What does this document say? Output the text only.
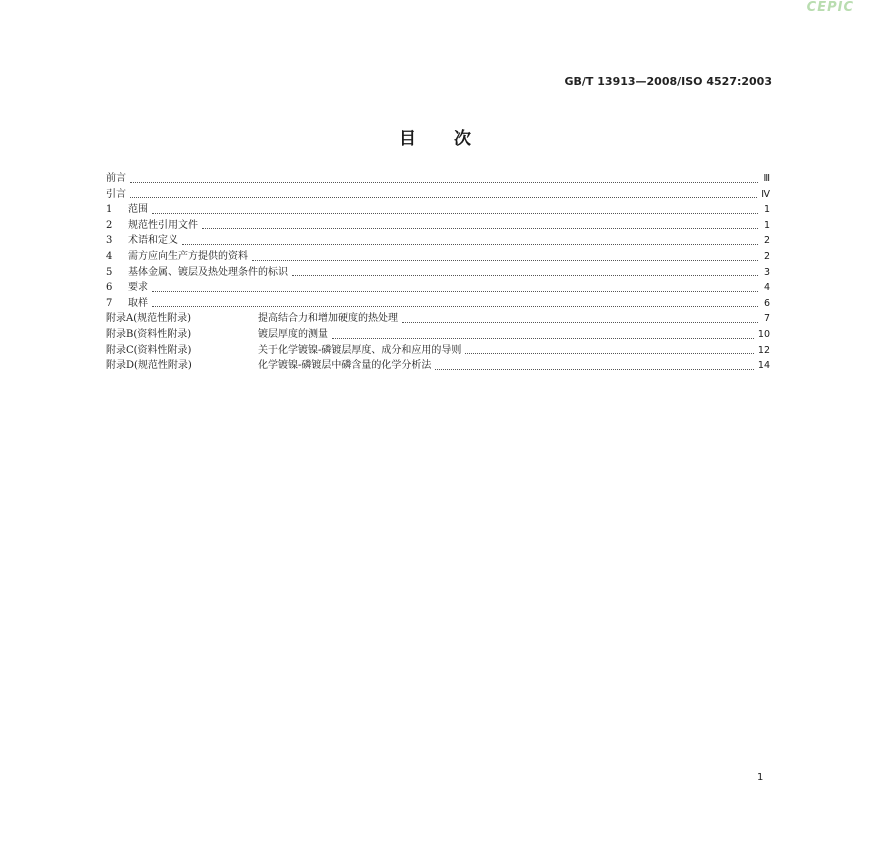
CEPIC
GB/T 13913—2008/ISO 4527:2003
目次
前言	Ⅲ
引言	Ⅳ
1 范围	1
2 规范性引用文件	1
3 术语和定义	2
4 需方应向生产方提供的资料	2
5 基体金属、镀层及热处理条件的标识	3
6 要求	4
7 取样	6
附录A(规范性附录)	提高结合力和增加硬度的热处理	7
附录B(资料性附录)	镀层厚度的测量	10
附录C(资料性附录)	关于化学镀镍-磷镀层厚度、成分和应用的导则	12
附录D(规范性附录)	化学镀镍-磷镀层中磷含量的化学分析法	14
1
